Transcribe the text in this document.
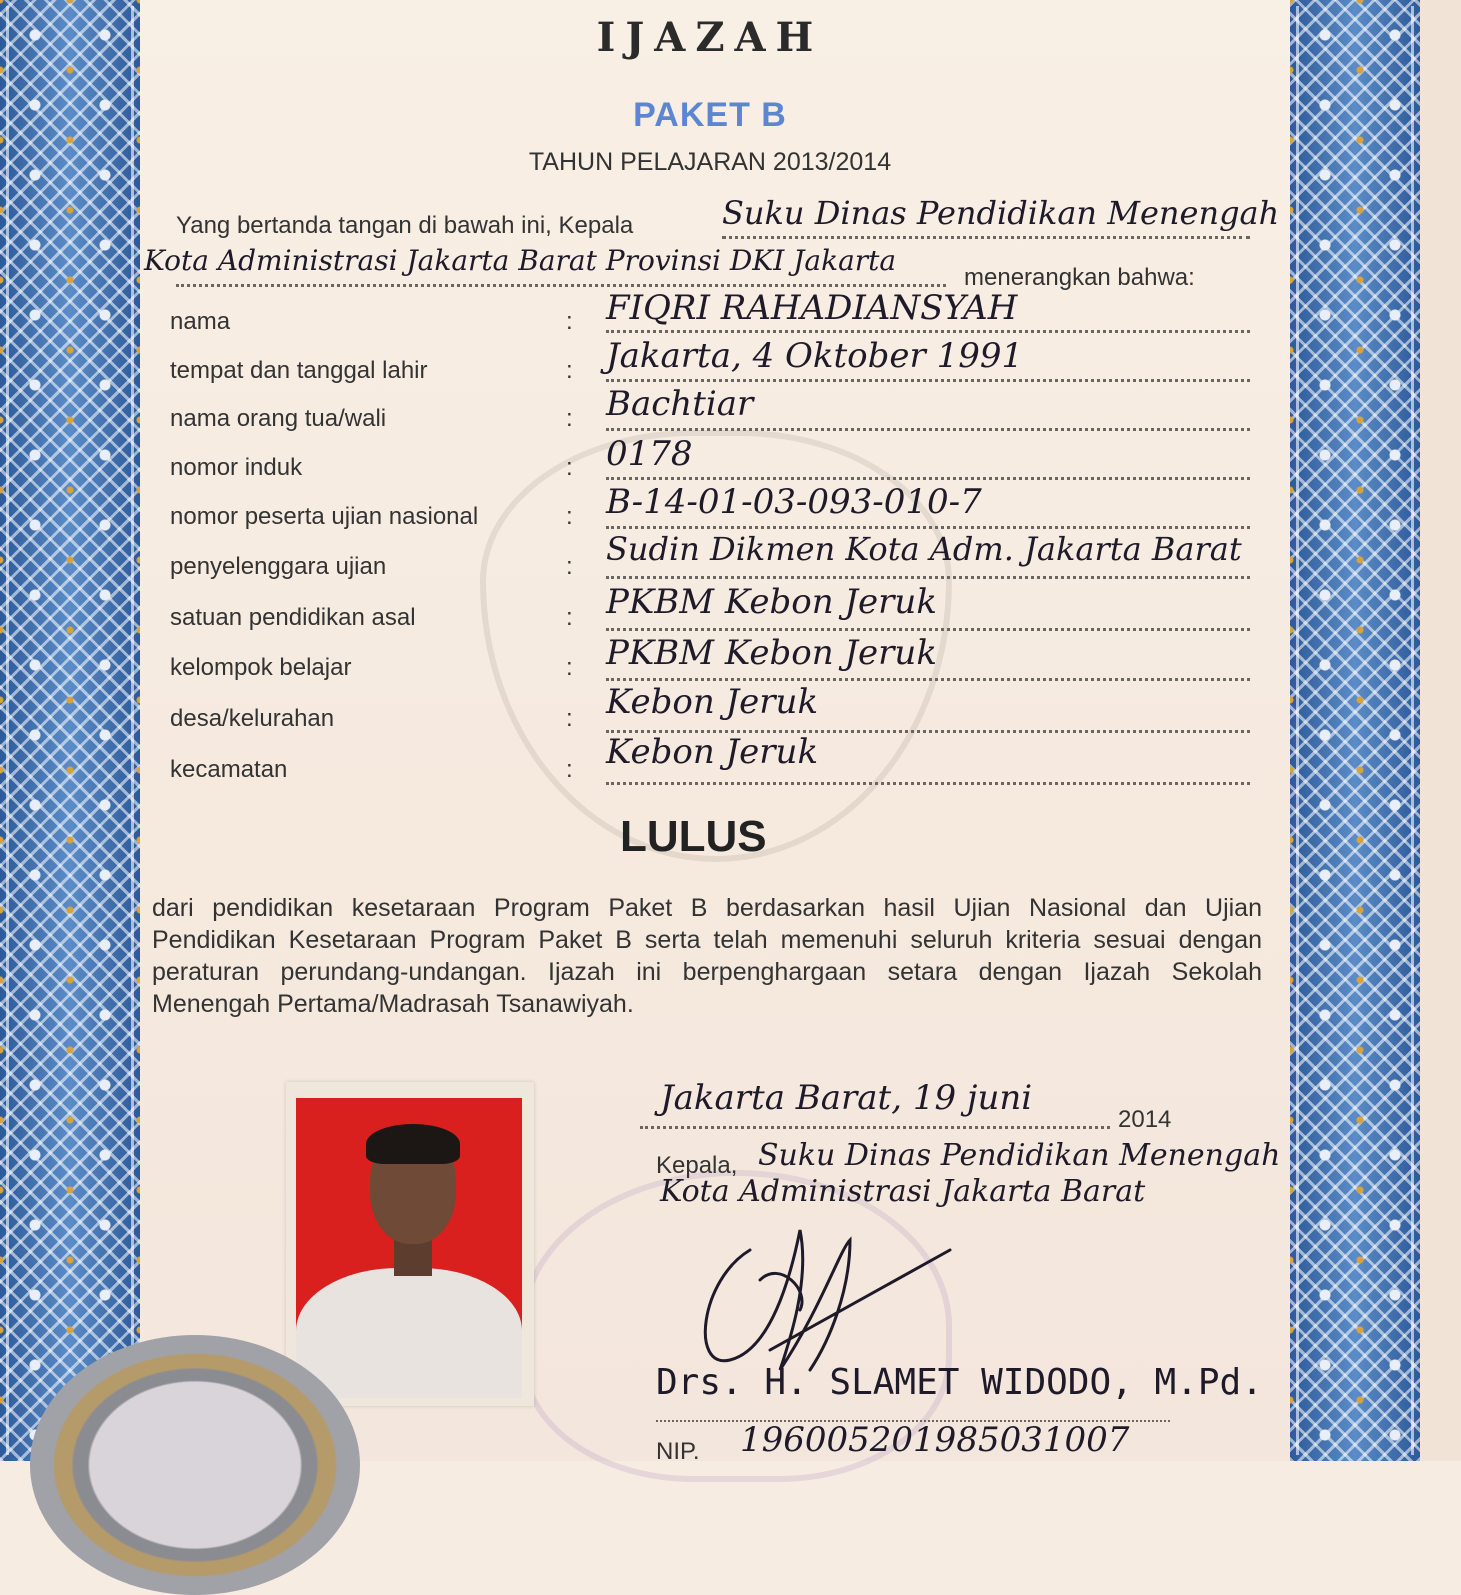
IJAZAH
PAKET B
TAHUN PELAJARAN 2013/2014
Yang bertanda tangan di bawah ini, Kepala	Suku Dinas Pendidikan Menengah
Kota Administrasi Jakarta Barat Provinsi DKI Jakarta
menerangkan bahwa:
nama	: FIQRI RAHADIANSYAH
tempat dan tanggal lahir	: Jakarta, 4 Oktober 1991
nama orang tua/wali	: Bachtiar
nomor induk	: 0178
nomor peserta ujian nasional	: B-14-01-03-093-010-7
penyelenggara ujian	: Sudin Dikmen Kota Adm. Jakarta Barat
satuan pendidikan asal	: PKBM Kebon Jeruk
kelompok belajar	: PKBM Kebon Jeruk
desa/kelurahan	: Kebon Jeruk
kecamatan	: Kebon Jeruk
LULUS
dari pendidikan kesetaraan Program Paket B berdasarkan hasil Ujian Nasional dan Ujian Pendidikan Kesetaraan Program Paket B serta telah memenuhi seluruh kriteria sesuai dengan peraturan perundang-undangan. Ijazah ini berpenghargaan setara dengan Ijazah Sekolah Menengah Pertama/Madrasah Tsanawiyah.
Jakarta Barat, 19 juni
2014
Kepala, Suku Dinas Pendidikan Menengah
Kota Administrasi Jakarta Barat
Drs. H. SLAMET WIDODO, M.Pd.
NIP. 196005201985031007
